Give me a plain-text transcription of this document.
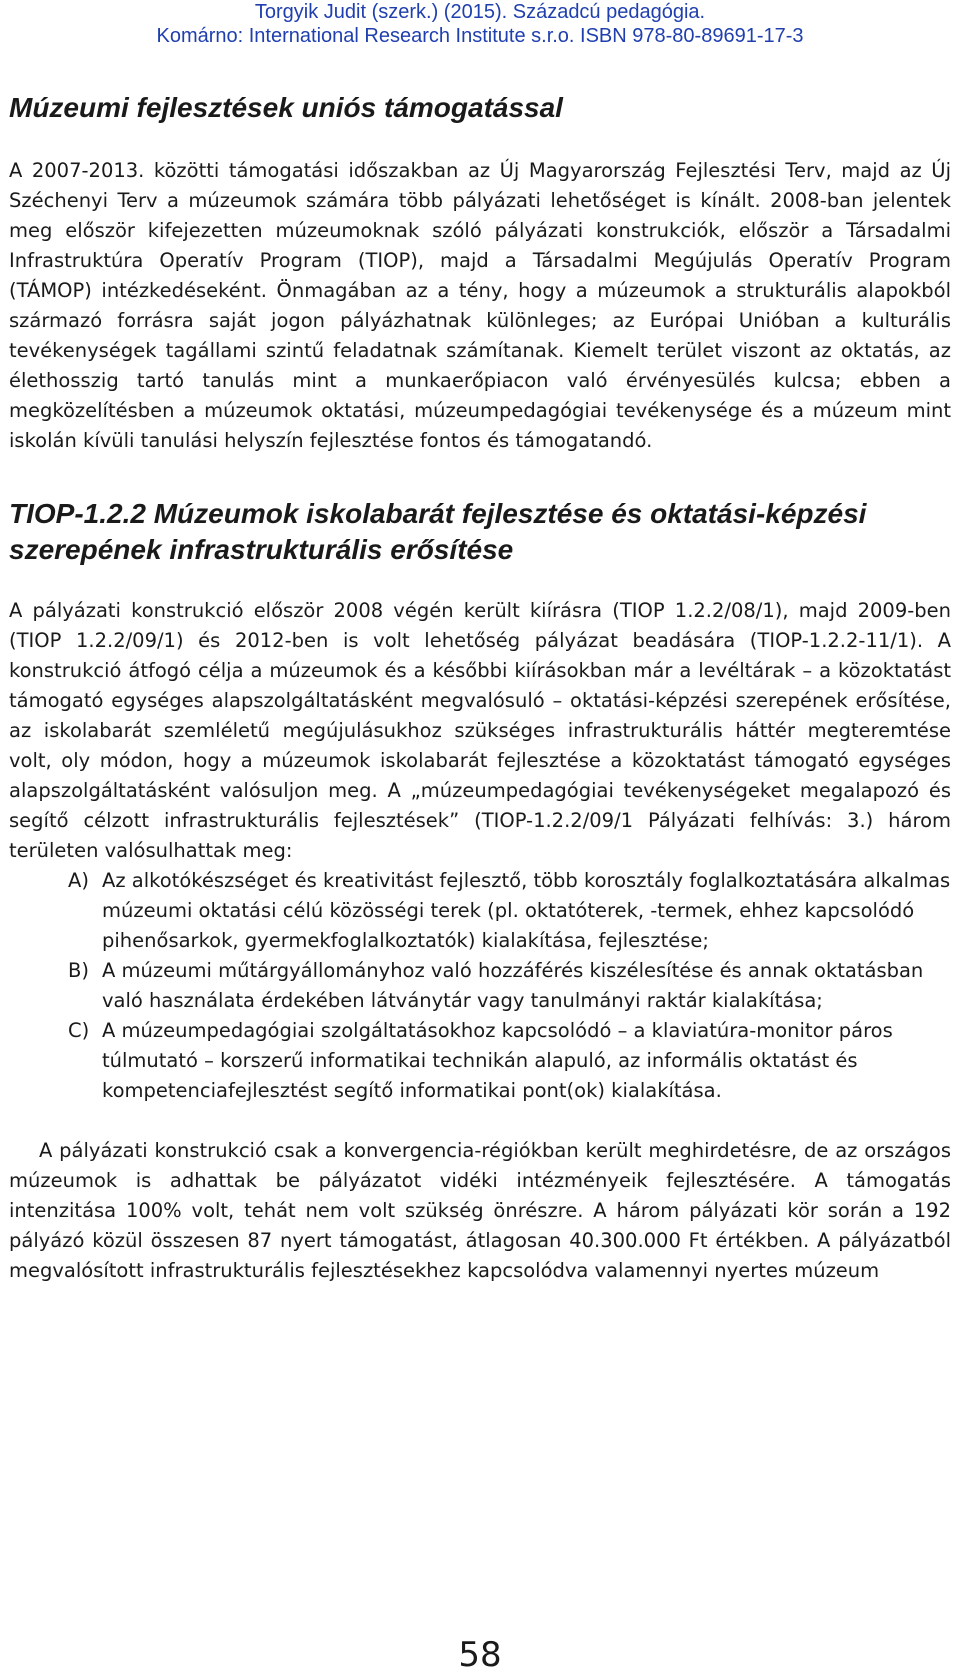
Torgyik Judit (szerk.) (2015). Századcú pedagógia.
Komárno: International Research Institute s.r.o. ISBN 978-80-89691-17-3
Múzeumi fejlesztések uniós támogatással

A 2007-2013. közötti támogatási időszakban az Új Magyarország Fejlesztési Terv, majd az Új Széchenyi Terv a múzeumok számára több pályázati lehetőséget is kínált. 2008-ban jelentek meg először kifejezetten múzeumoknak szóló pályázati konstrukciók, először a Társadalmi Infrastruktúra Operatív Program (TIOP), majd a Társadalmi Megújulás Operatív Program (TÁMOP) intézkedéseként. Önmagában az a tény, hogy a múzeumok a strukturális alapokból származó forrásra saját jogon pályázhatnak különleges; az Európai Unióban a kulturális tevékenységek tagállami szintű feladatnak számítanak. Kiemelt terület viszont az oktatás, az élethosszig tartó tanulás mint a munkaerőpiacon való érvényesülés kulcsa; ebben a megközelítésben a múzeumok oktatási, múzeumpedagógiai tevékenysége és a múzeum mint iskolán kívüli tanulási helyszín fejlesztése fontos és támogatandó.

TIOP-1.2.2 Múzeumok iskolabarát fejlesztése és oktatási-képzési szerepének infrastrukturális erősítése

A pályázati konstrukció először 2008 végén került kiírásra (TIOP 1.2.2/08/1), majd 2009-ben (TIOP 1.2.2/09/1) és 2012-ben is volt lehetőség pályázat beadására (TIOP-1.2.2-11/1). A konstrukció átfogó célja a múzeumok és a későbbi kiírásokban már a levéltárak – a közoktatást támogató egységes alapszolgáltatásként megvalósuló – oktatási-képzési szerepének erősítése, az iskolabarát szemléletű megújulásukhoz szükséges infrastrukturális háttér megteremtése volt, oly módon, hogy a múzeumok iskolabarát fejlesztése a közoktatást támogató egységes alapszolgáltatásként valósuljon meg. A „múzeumpedagógiai tevékenységeket megalapozó és segítő célzott infrastrukturális fejlesztések” (TIOP-1.2.2/09/1 Pályázati felhívás: 3.) három területen valósulhattak meg:

A) Az alkotókészséget és kreativitást fejlesztő, több korosztály foglalkoztatására alkalmas múzeumi oktatási célú közösségi terek (pl. oktatóterek, -termek, ehhez kapcsolódó pihenősarkok, gyermekfoglalkoztatók) kialakítása, fejlesztése;
B) A múzeumi műtárgyállományhoz való hozzáférés kiszélesítése és annak oktatásban való használata érdekében látványtár vagy tanulmányi raktár kialakítása;
C) A múzeumpedagógiai szolgáltatásokhoz kapcsolódó – a klaviatúra-monitor páros túlmutató – korszerű informatikai technikán alapuló, az informális oktatást és kompetenciafejlesztést segítő informatikai pont(ok) kialakítása.

A pályázati konstrukció csak a konvergencia-régiókban került meghirdetésre, de az országos múzeumok is adhattak be pályázatot vidéki intézményeik fejlesztésére. A támogatás intenzitása 100% volt, tehát nem volt szükség önrészre. A három pályázati kör során a 192 pályázó közül összesen 87 nyert támogatást, átlagosan 40.300.000 Ft értékben. A pályázatból megvalósított infrastrukturális fejlesztésekhez kapcsolódva valamennyi nyertes múzeum

58
